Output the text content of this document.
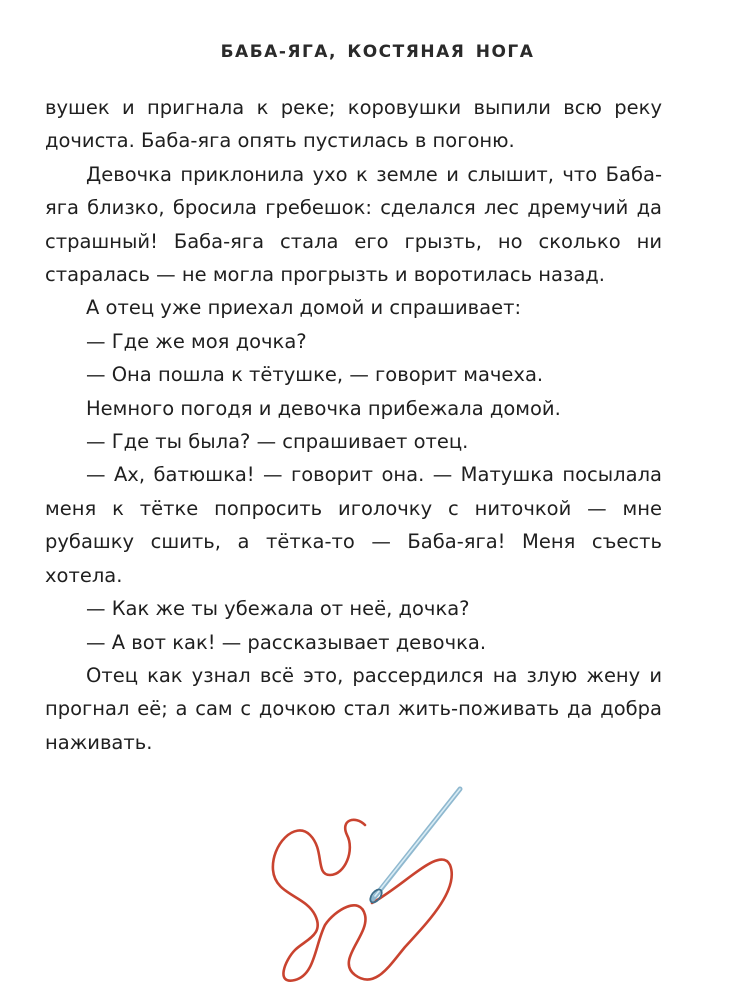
БАБА-ЯГА, КОСТЯНАЯ НОГА

вушек и пригнала к реке; коровушки выпили всю реку дочиста. Баба-яга опять пустилась в погоню.

Девочка приклонила ухо к земле и слышит, что Баба-яга близко, бросила гребешок: сделался лес дремучий да страшный! Баба-яга стала его грызть, но сколько ни старалась — не могла прогрызть и воротилась назад.

А отец уже приехал домой и спрашивает:

— Где же моя дочка?

— Она пошла к тётушке, — говорит мачеха.

Немного погодя и девочка прибежала домой.

— Где ты была? — спрашивает отец.

— Ах, батюшка! — говорит она. — Матушка посылала меня к тётке попросить иголочку с ниточкой — мне рубашку сшить, а тётка-то — Баба-яга! Меня съесть хотела.

— Как же ты убежала от неё, дочка?

— А вот как! — рассказывает девочка.

Отец как узнал всё это, рассердился на злую жену и прогнал её; а сам с дочкою стал жить-поживать да добра наживать.
